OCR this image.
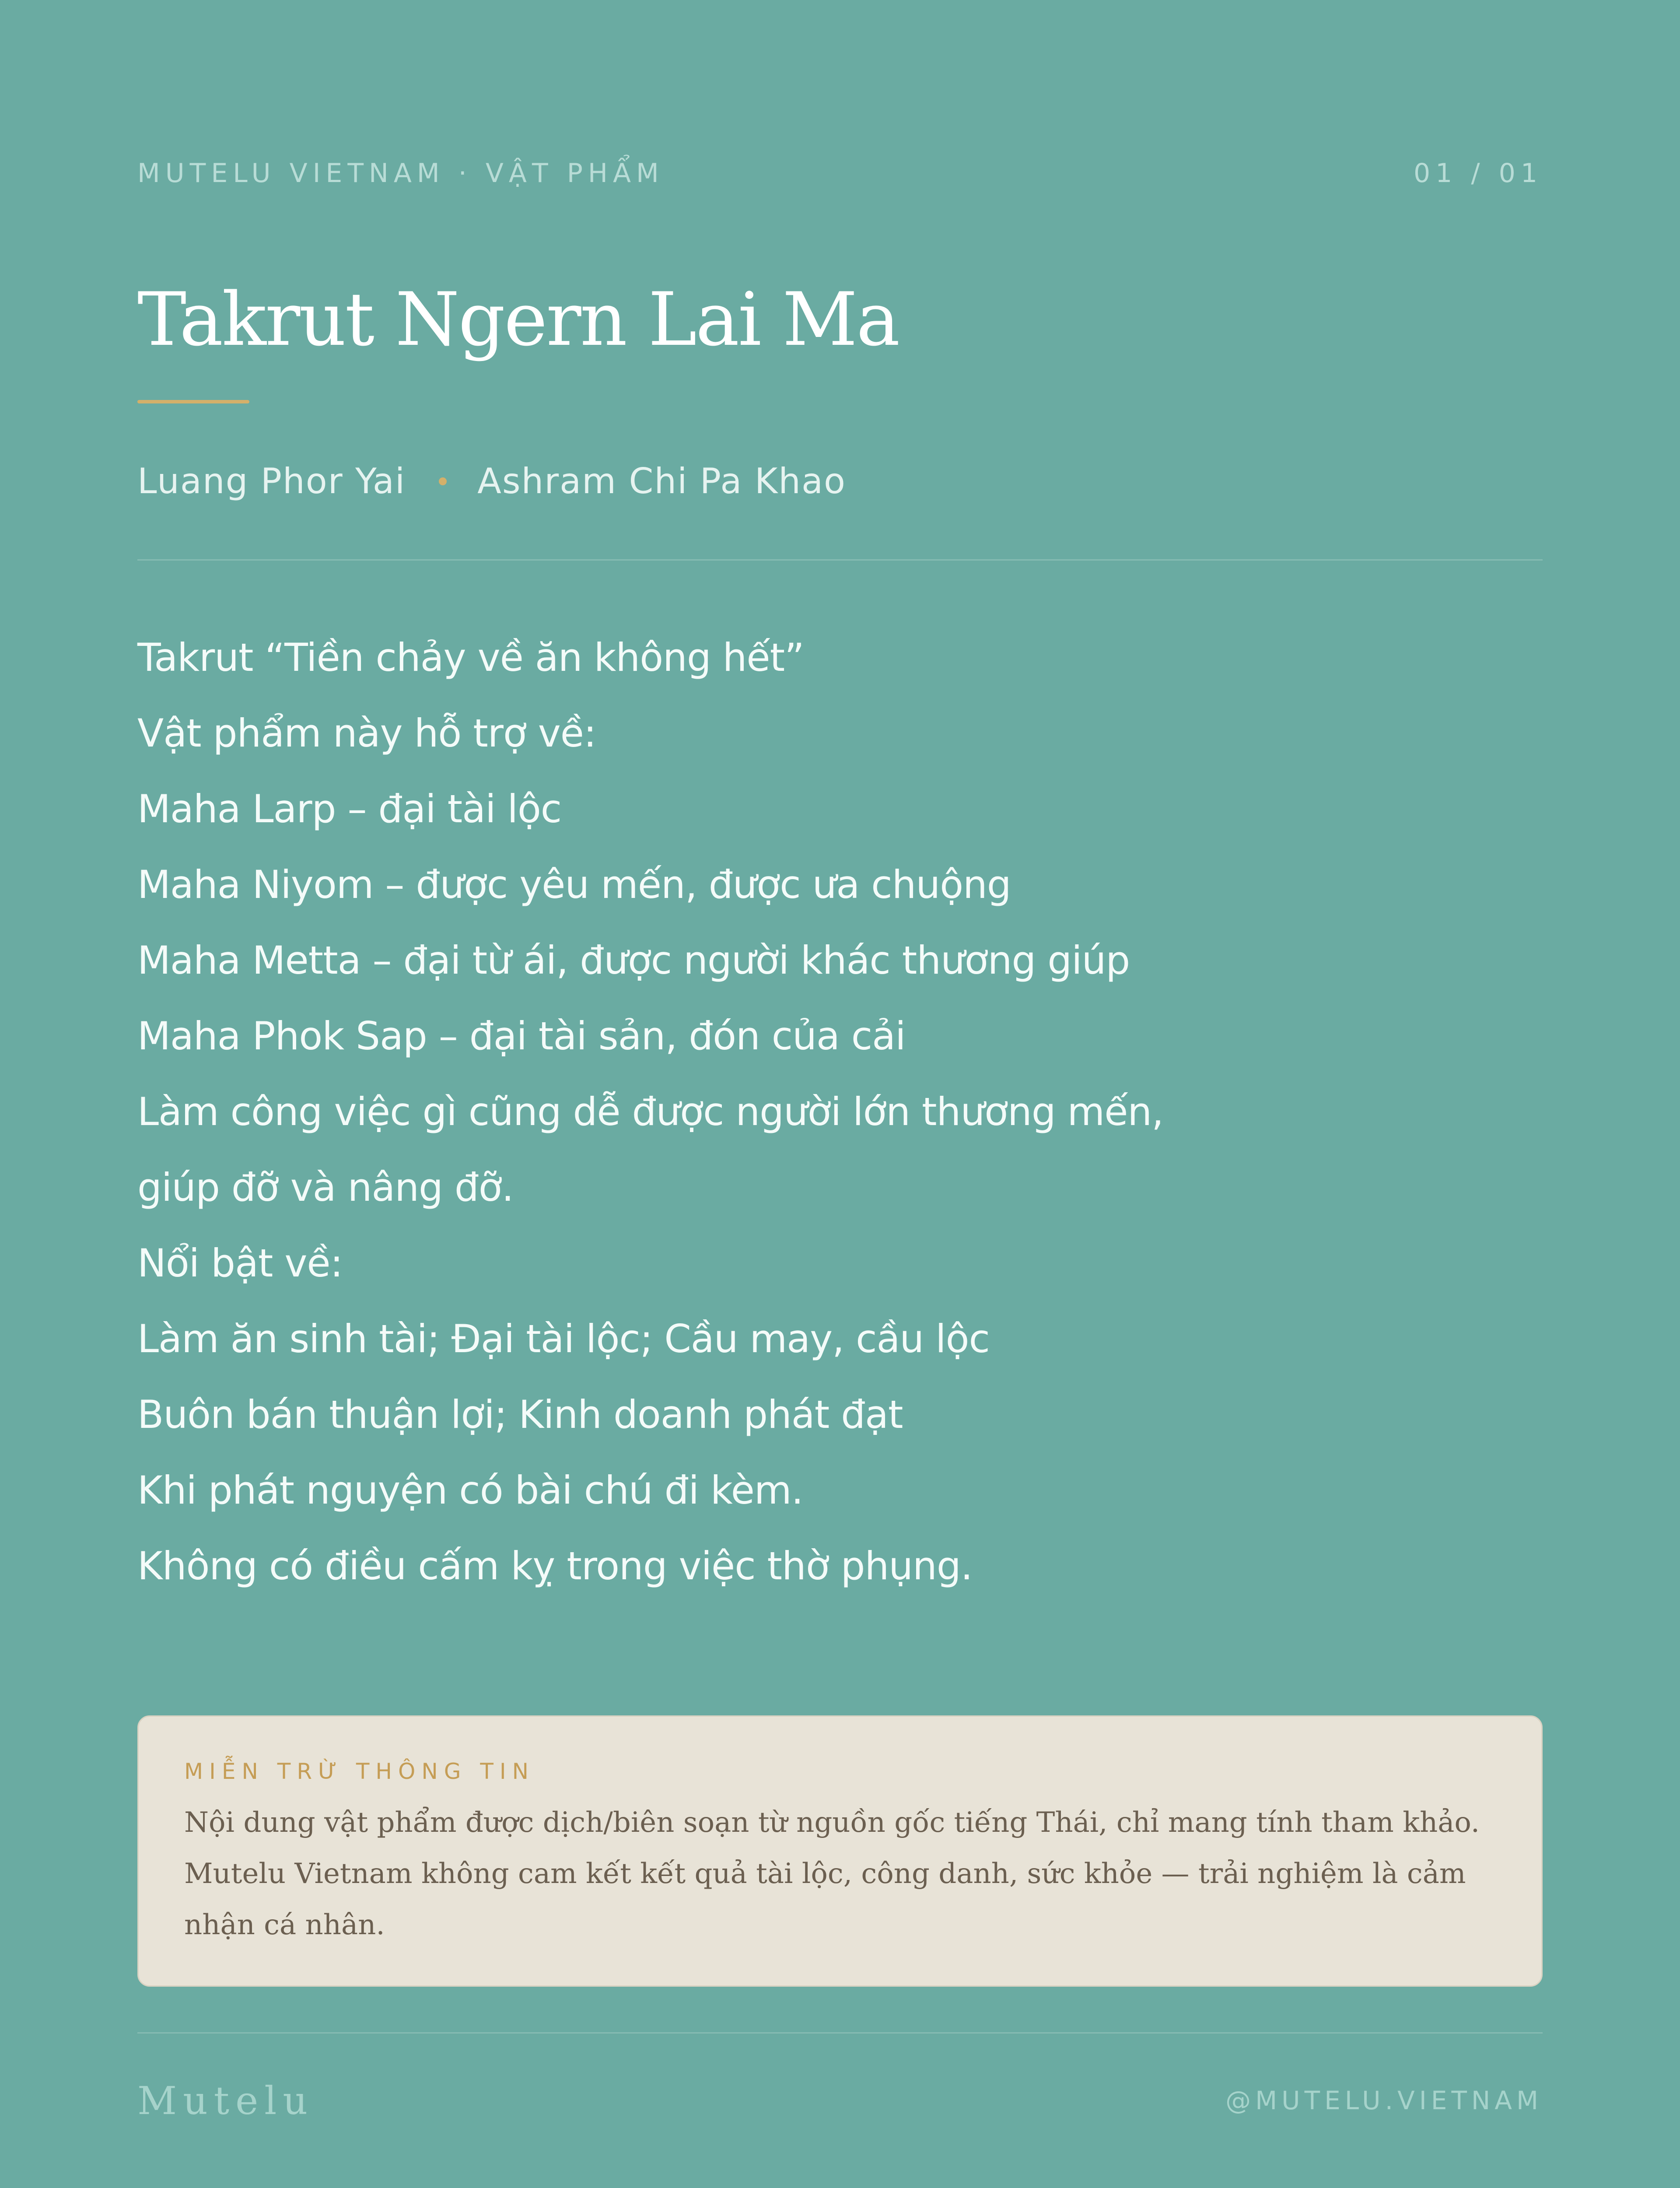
MUTELU VIETNAM · VẬT PHẨM	01 / 01
Takrut Ngern Lai Ma
Luang Phor Yai Ashram Chi Pa Khao
Takrut “Tiền chảy về ăn không hết”
Vật phẩm này hỗ trợ về:
Maha Larp – đại tài lộc
Maha Niyom – được yêu mến, được ưa chuộng
Maha Metta – đại từ ái, được người khác thương giúp
Maha Phok Sap – đại tài sản, đón của cải
Làm công việc gì cũng dễ được người lớn thương mến,
giúp đỡ và nâng đỡ.
Nổi bật về:
Làm ăn sinh tài; Đại tài lộc; Cầu may, cầu lộc
Buôn bán thuận lợi; Kinh doanh phát đạt
Khi phát nguyện có bài chú đi kèm.
Không có điều cấm kỵ trong việc thờ phụng.
MIỄN TRỪ THÔNG TIN
Nội dung vật phẩm được dịch/biên soạn từ nguồn gốc tiếng Thái, chỉ mang tính tham khảo. Mutelu Vietnam không cam kết kết quả tài lộc, công danh, sức khỏe — trải nghiệm là cảm nhận cá nhân.
Mutelu	@MUTELU.VIETNAM
